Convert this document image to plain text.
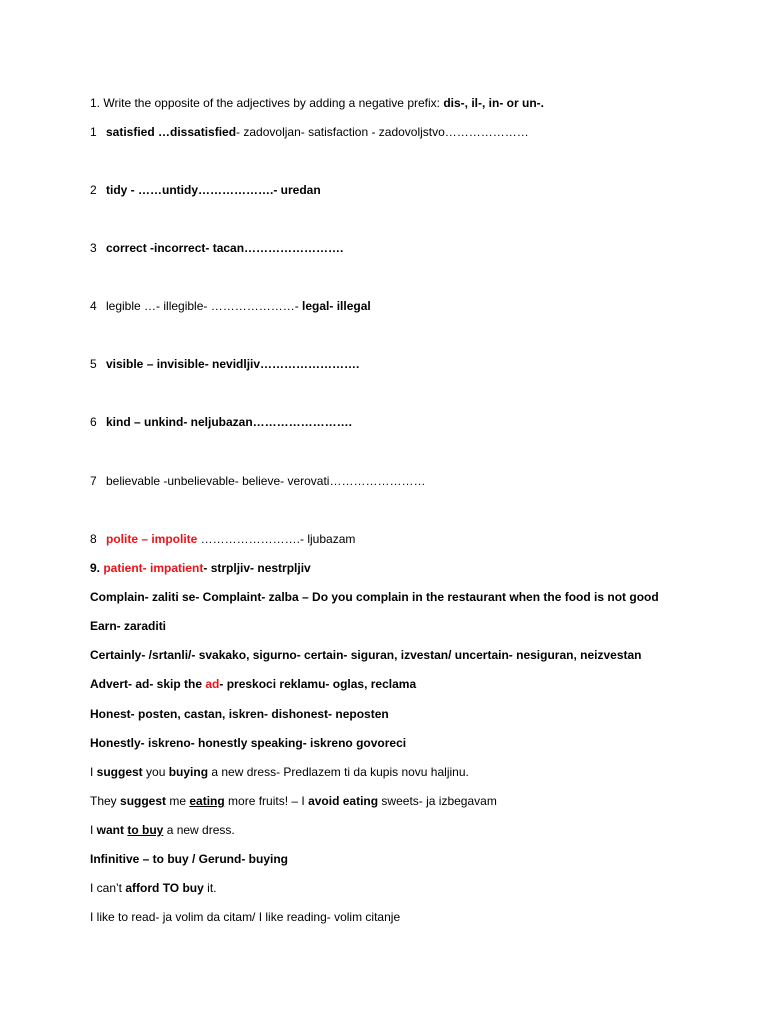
1. Write the opposite of the adjectives by adding a negative prefix: dis-, il-, in- or un-.
1 satisfied …dissatisfied- zadovoljan- satisfaction - zadovoljstvo…………………
2 tidy - ……untidy……………….- uredan
3 correct -incorrect- tacan…………………….
4 legible …- illegible- …………………- legal- illegal
5 visible – invisible- nevidljiv…………………….
6 kind – unkind- neljubazan…………………….
7 believable -unbelievable- believe- verovati……………………
8 polite – impolite …………………….- ljubazam
9. patient- impatient- strpljiv- nestrpljiv
Complain- zaliti se- Complaint- zalba – Do you complain in the restaurant when the food is not good
Earn- zaraditi
Certainly- /srtanli/- svakako, sigurno- certain- siguran, izvestan/ uncertain- nesiguran, neizvestan
Advert- ad- skip the ad- preskoci reklamu- oglas, reclama
Honest- posten, castan, iskren- dishonest- neposten
Honestly- iskreno- honestly speaking- iskreno govoreci
I suggest you buying a new dress- Predlazem ti da kupis novu haljinu.
They suggest me eating more fruits! – I avoid eating sweets- ja izbegavam
I want to buy a new dress.
Infinitive – to buy / Gerund- buying
I can’t afford TO buy it.
I like to read- ja volim da citam/ I like reading- volim citanje
